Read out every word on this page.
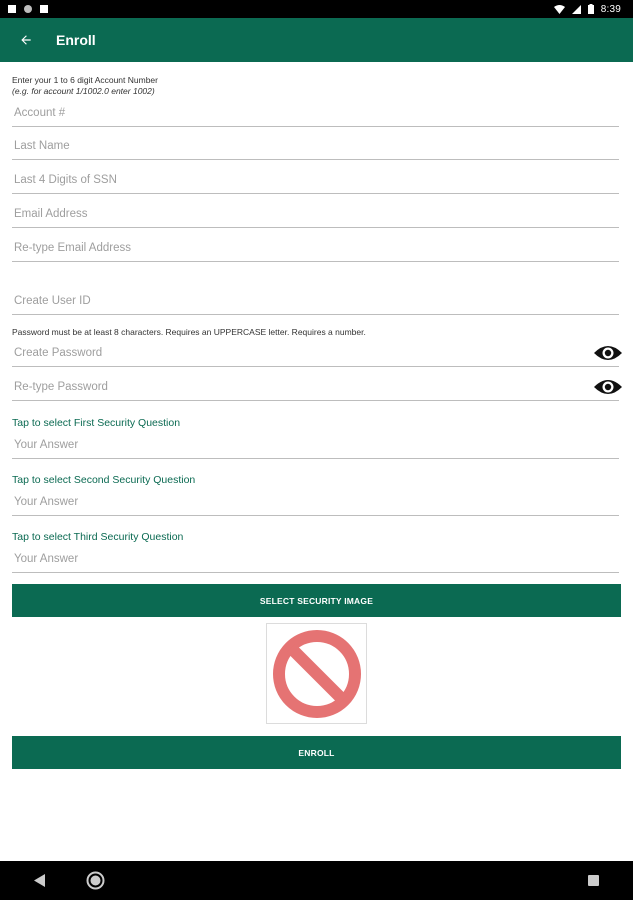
8:39
Enroll
Enter your 1 to 6 digit Account Number
(e.g. for account 1/1002.0 enter 1002)
Account #
Last Name
Last 4 Digits of SSN
Email Address
Re-type Email Address
Create User ID
Password must be at least 8 characters. Requires an UPPERCASE letter. Requires a number.
Tap to select First Security Question
Your Answer
Tap to select Second Security Question
Your Answer
Tap to select Third Security Question
Your Answer
SELECT SECURITY IMAGE
ENROLL
